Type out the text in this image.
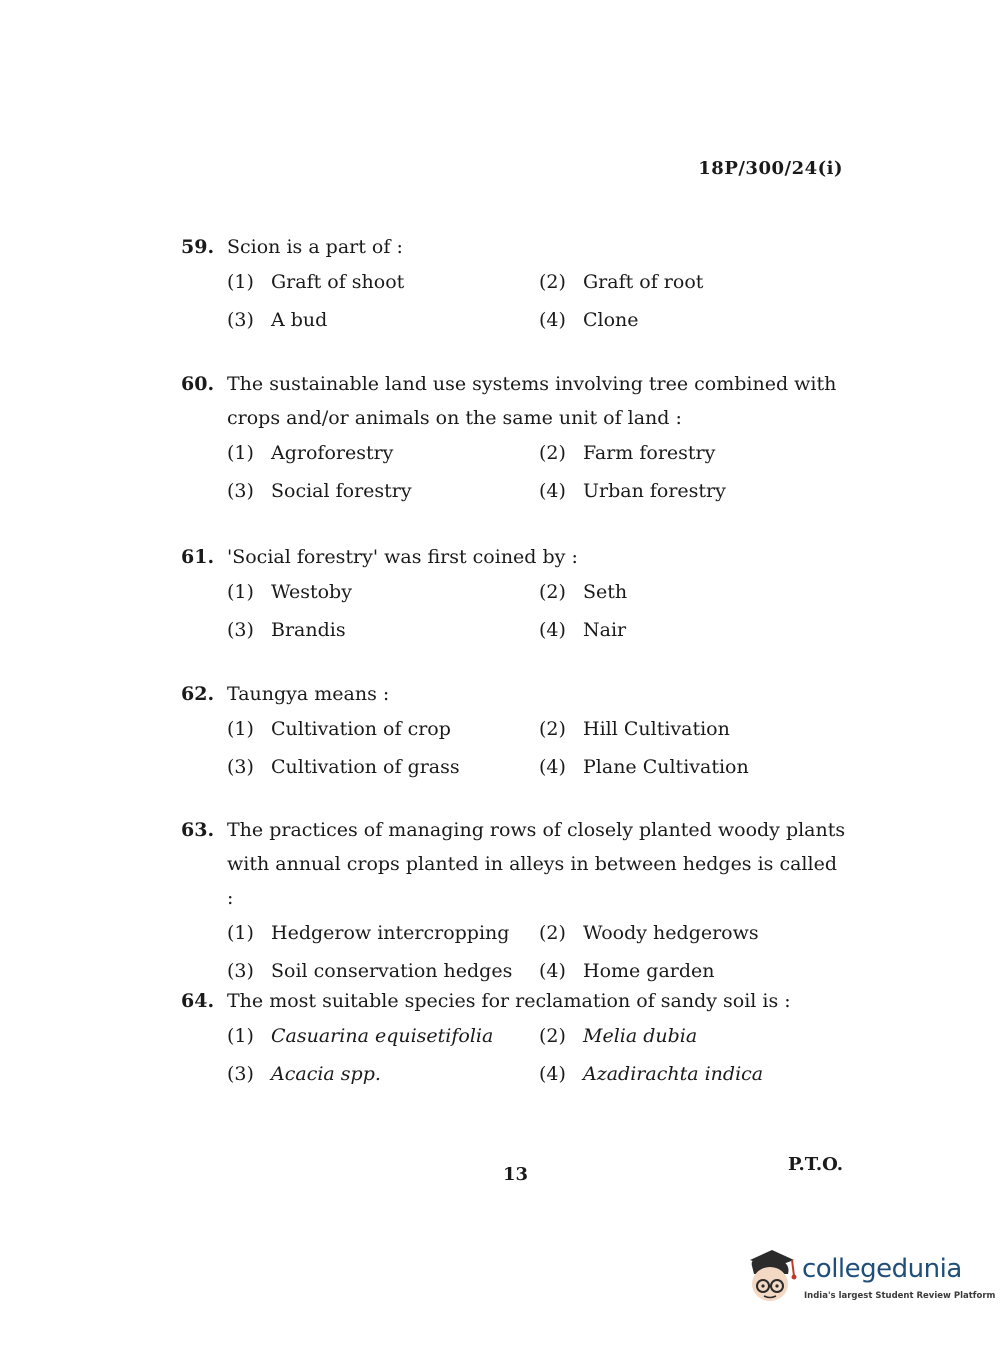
18P/300/24(i)
59. Scion is a part of :
(1) Graft of shoot	(2) Graft of root
(3) A bud	(4) Clone
60. The sustainable land use systems involving tree combined with crops and/or animals on the same unit of land :
(1) Agroforestry	(2) Farm forestry
(3) Social forestry	(4) Urban forestry
61. 'Social forestry' was first coined by :
(1) Westoby	(2) Seth
(3) Brandis	(4) Nair
62. Taungya means :
(1) Cultivation of crop	(2) Hill Cultivation
(3) Cultivation of grass	(4) Plane Cultivation
63. The practices of managing rows of closely planted woody plants with annual crops planted in alleys in between hedges is called :
(1) Hedgerow intercropping	(2) Woody hedgerows
(3) Soil conservation hedges	(4) Home garden
64. The most suitable species for reclamation of sandy soil is :
(1) Casuarina equisetifolia	(2) Melia dubia
(3) Acacia spp.	(4) Azadirachta indica
13	P.T.O.
collegedunia
India's largest Student Review Platform
